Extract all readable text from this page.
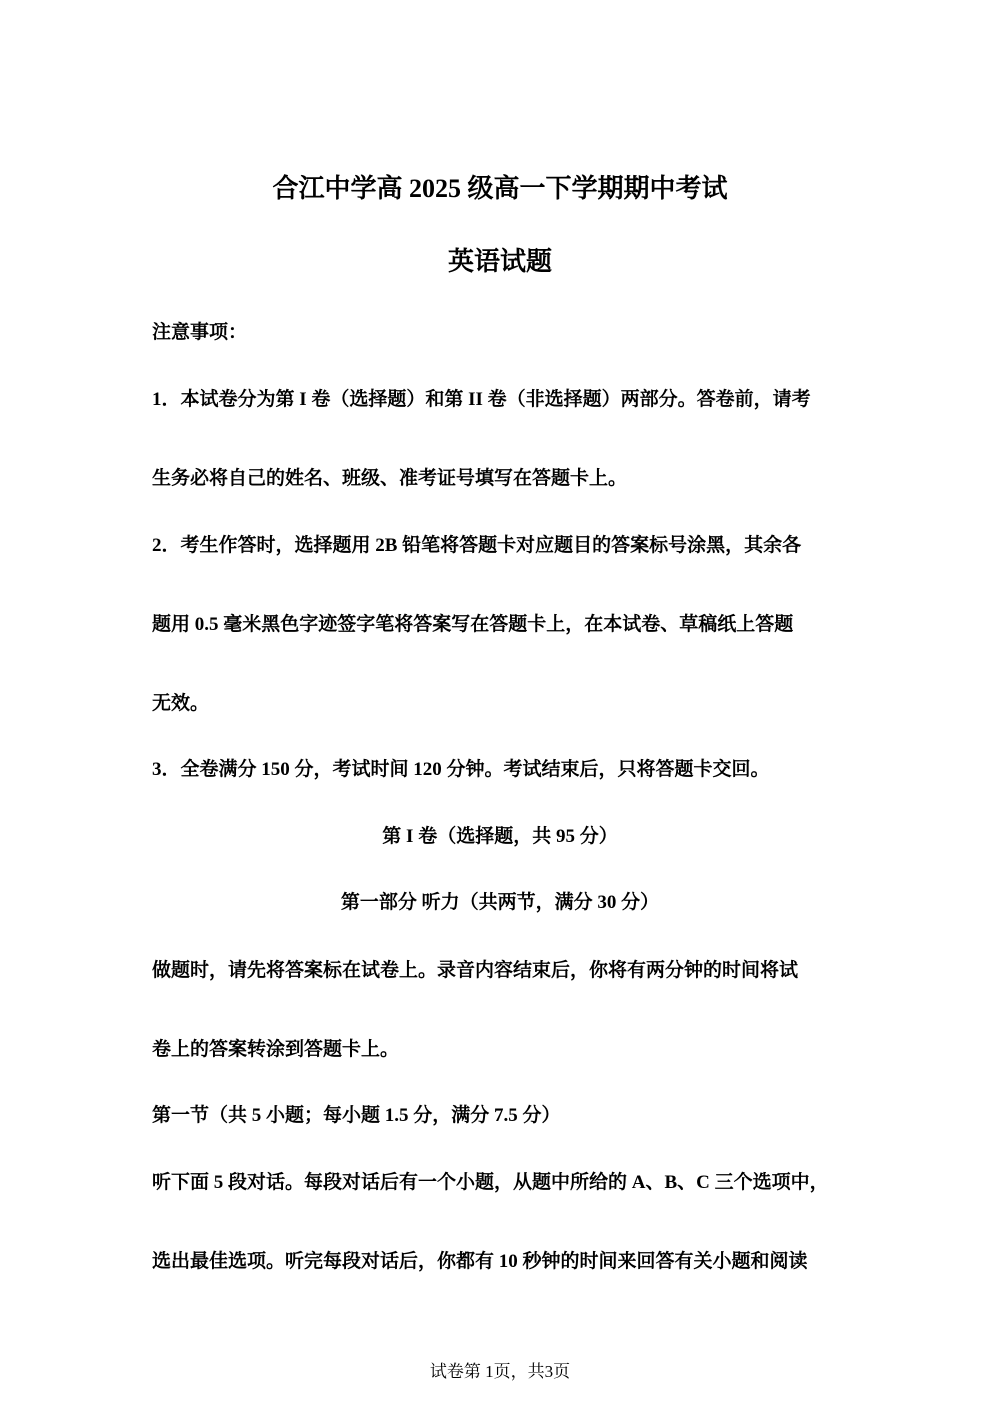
合江中学高 2025 级高一下学期期中考试
英语试题
注意事项：
1．本试卷分为第 I 卷（选择题）和第 II 卷（非选择题）两部分。答卷前，请考
生务必将自己的姓名、班级、准考证号填写在答题卡上。
2．考生作答时，选择题用 2B 铅笔将答题卡对应题目的答案标号涂黑，其余各
题用 0.5 毫米黑色字迹签字笔将答案写在答题卡上，在本试卷、草稿纸上答题
无效。
3．全卷满分 150 分，考试时间 120 分钟。考试结束后，只将答题卡交回。
第 I 卷（选择题，共 95 分）
第一部分 听力（共两节，满分 30 分）
做题时，请先将答案标在试卷上。录音内容结束后，你将有两分钟的时间将试
卷上的答案转涂到答题卡上。
第一节（共 5 小题；每小题 1.5 分，满分 7.5 分）
听下面 5 段对话。每段对话后有一个小题，从题中所给的 A、B、C 三个选项中，
选出最佳选项。听完每段对话后，你都有 10 秒钟的时间来回答有关小题和阅读
试卷第 1页，共3页
